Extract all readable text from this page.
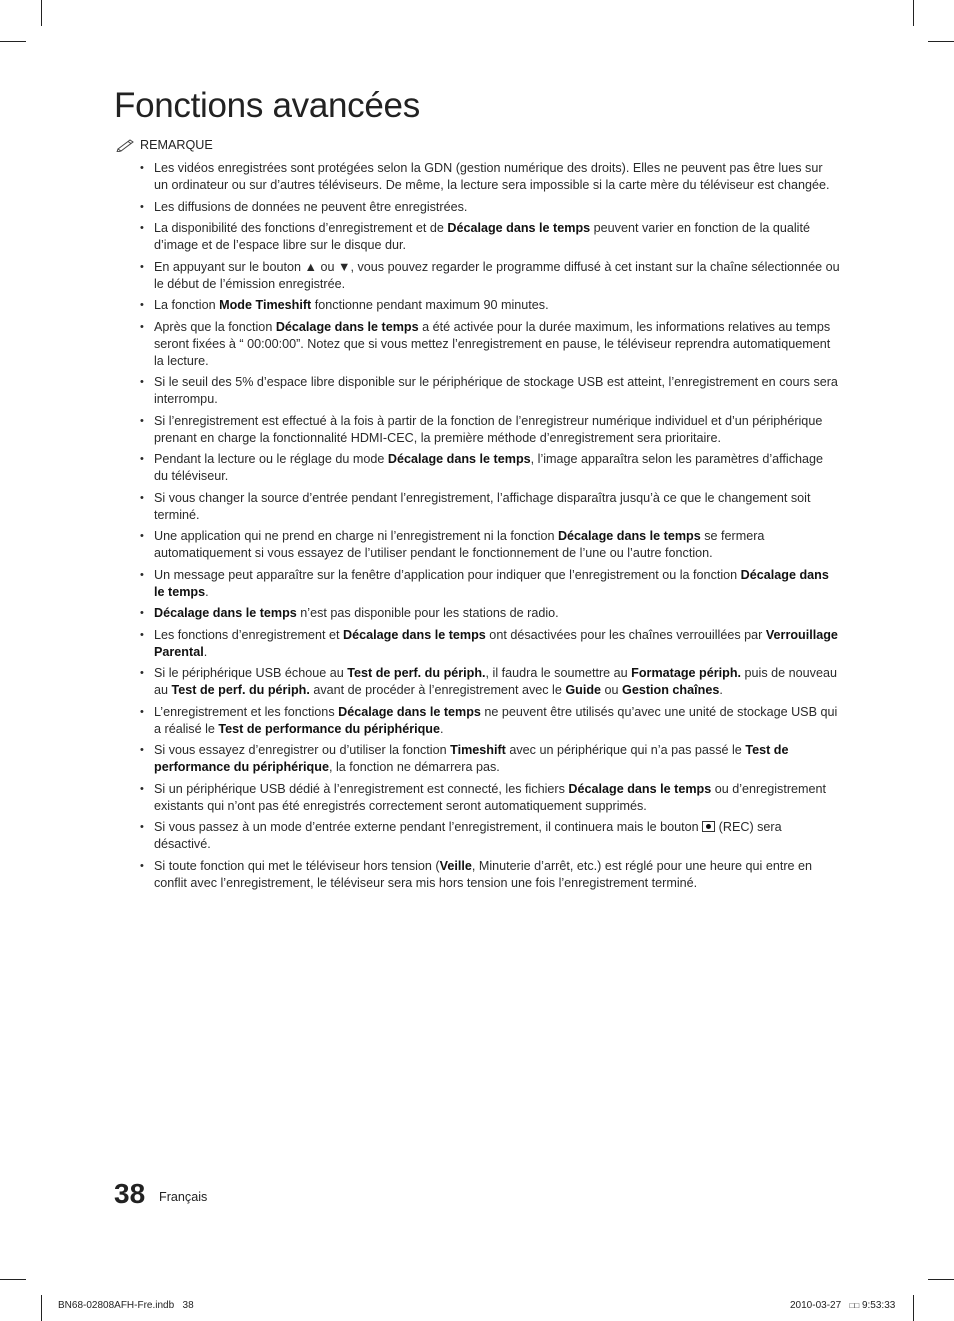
Fonctions avancées
REMARQUE
• Les vidéos enregistrées sont protégées selon la GDN (gestion numérique des droits). Elles ne peuvent pas être lues sur un ordinateur ou sur d’autres téléviseurs. De même, la lecture sera impossible si la carte mère du téléviseur est changée.
• Les diffusions de données ne peuvent être enregistrées.
• La disponibilité des fonctions d’enregistrement et de Décalage dans le temps peuvent varier en fonction de la qualité d’image et de l’espace libre sur le disque dur.
• En appuyant sur le bouton ▲ ou ▼, vous pouvez regarder le programme diffusé à cet instant sur la chaîne sélectionnée ou le début de l’émission enregistrée.
• La fonction Mode Timeshift fonctionne pendant maximum 90 minutes.
• Après que la fonction Décalage dans le temps a été activée pour la durée maximum, les informations relatives au temps seront fixées à “ 00:00:00”. Notez que si vous mettez l’enregistrement en pause, le téléviseur reprendra automatiquement la lecture.
• Si le seuil des 5% d’espace libre disponible sur le périphérique de stockage USB est atteint, l’enregistrement en cours sera interrompu.
• Si l’enregistrement est effectué à la fois à partir de la fonction de l’enregistreur numérique individuel et d’un périphérique prenant en charge la fonctionnalité HDMI-CEC, la première méthode d’enregistrement sera prioritaire.
• Pendant la lecture ou le réglage du mode Décalage dans le temps, l’image apparaîtra selon les paramètres d’affichage du téléviseur.
• Si vous changer la source d’entrée pendant l’enregistrement, l’affichage disparaîtra jusqu’à ce que le changement soit terminé.
• Une application qui ne prend en charge ni l’enregistrement ni la fonction Décalage dans le temps se fermera automatiquement si vous essayez de l’utiliser pendant le fonctionnement de l’une ou l’autre fonction.
• Un message peut apparaître sur la fenêtre d’application pour indiquer que l’enregistrement ou la fonction Décalage dans le temps.
• Décalage dans le temps n’est pas disponible pour les stations de radio.
• Les fonctions d’enregistrement et Décalage dans le temps ont désactivées pour les chaînes verrouillées par Verrouillage Parental.
• Si le périphérique USB échoue au Test de perf. du périph., il faudra le soumettre au Formatage périph. puis de nouveau au Test de perf. du périph. avant de procéder à l’enregistrement avec le Guide ou Gestion chaînes.
• L’enregistrement et les fonctions Décalage dans le temps ne peuvent être utilisés qu’avec une unité de stockage USB qui a réalisé le Test de performance du périphérique.
• Si vous essayez d’enregistrer ou d’utiliser la fonction Timeshift avec un périphérique qui n’a pas passé le Test de performance du périphérique, la fonction ne démarrera pas.
• Si un périphérique USB dédié à l’enregistrement est connecté, les fichiers Décalage dans le temps ou d’enregistrement existants qui n’ont pas été enregistrés correctement seront automatiquement supprimés.
• Si vous passez à un mode d’entrée externe pendant l’enregistrement, il continuera mais le bouton  (REC) sera désactivé.
• Si toute fonction qui met le téléviseur hors tension (Veille, Minuterie d’arrêt, etc.) est réglé pour une heure qui entre en conflit avec l’enregistrement, le téléviseur sera mis hors tension une fois l’enregistrement terminé.
38 Français
BN68-02808AFH-Fre.indb   38	2010-03-27   □□ 9:53:33
